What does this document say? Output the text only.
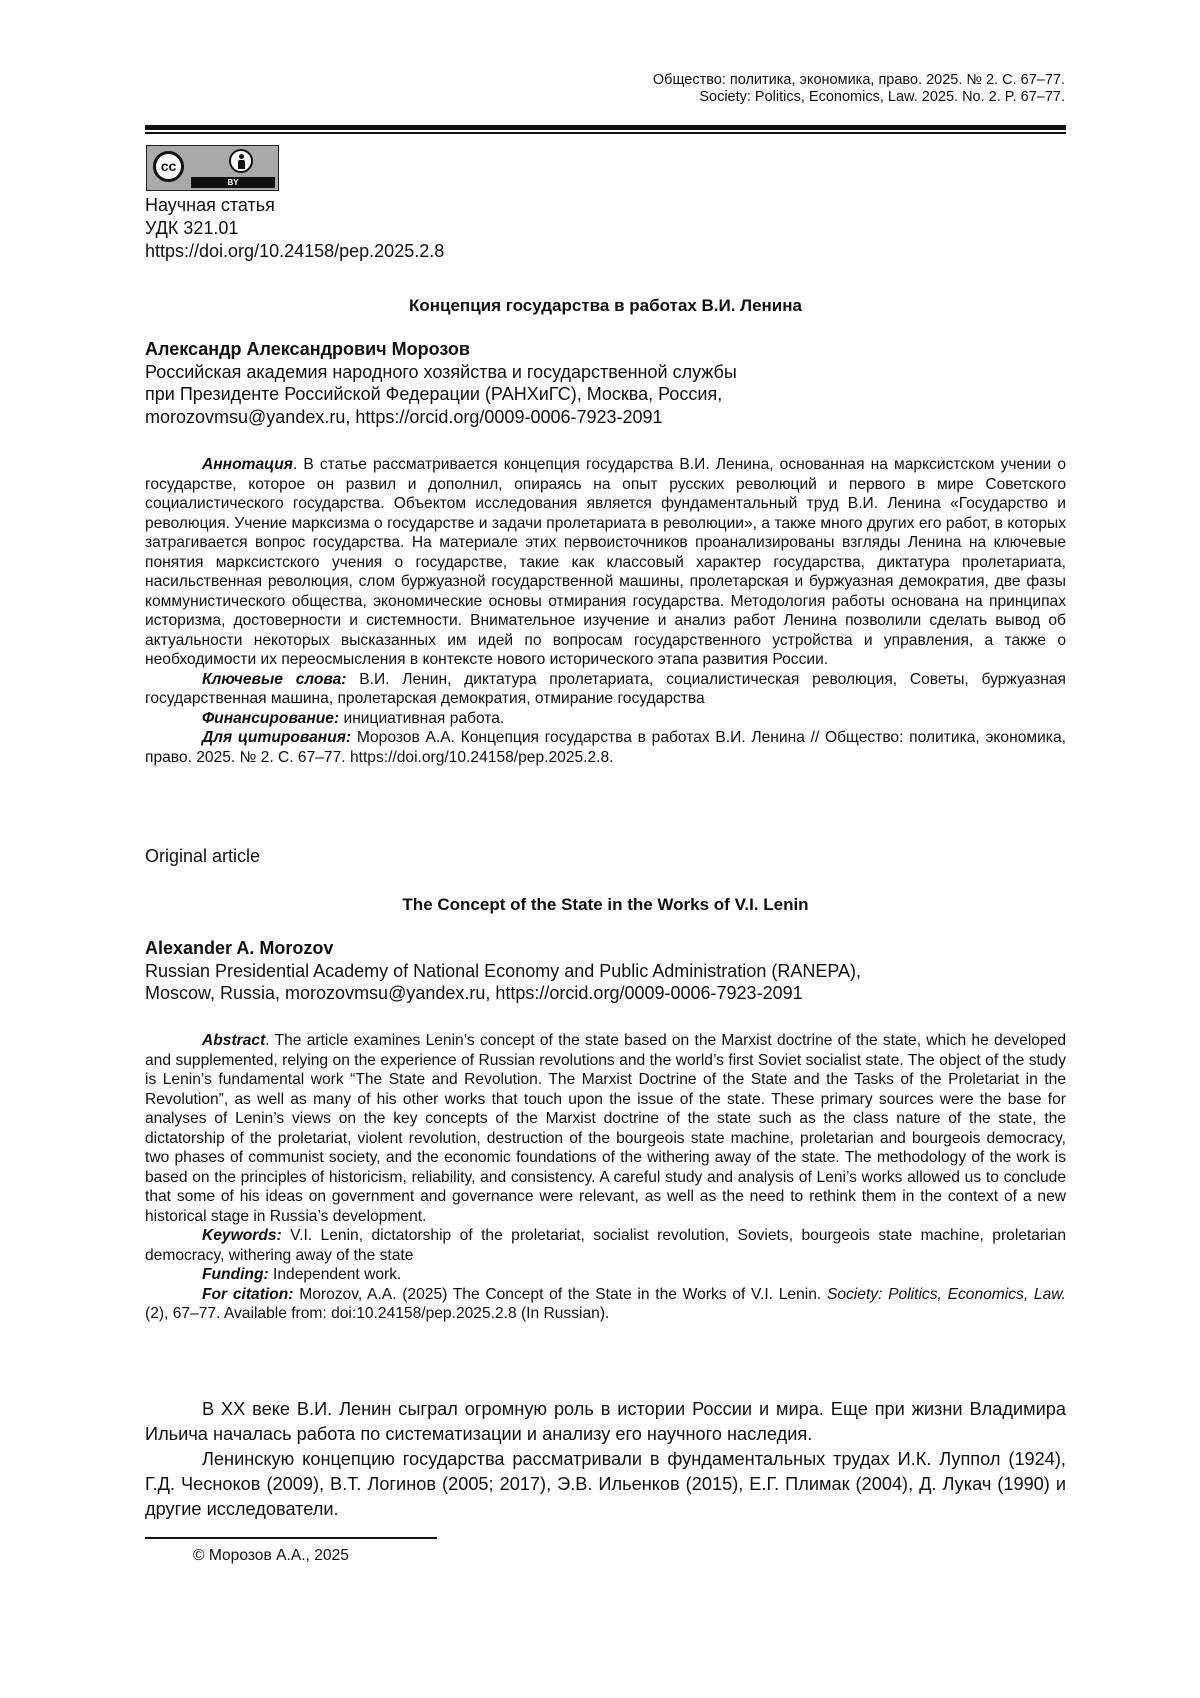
Общество: политика, экономика, право. 2025. № 2. С. 67–77.
Society: Politics, Economics, Law. 2025. No. 2. P. 67–77.
cc
BY
Научная статья
УДК 321.01
https://doi.org/10.24158/pep.2025.2.8
Концепция государства в работах В.И. Ленина
Александр Александрович Морозов
Российская академия народного хозяйства и государственной службы
при Президенте Российской Федерации (РАНХиГС), Москва, Россия,
morozovmsu@yandex.ru, https://orcid.org/0009-0006-7923-2091

Аннотация. В статье рассматривается концепция государства В.И. Ленина, основанная на марксистском учении о государстве, которое он развил и дополнил, опираясь на опыт русских революций и первого в мире Советского социалистического государства. Объектом исследования является фундаментальный труд В.И. Ленина «Государство и революция. Учение марксизма о государстве и задачи пролетариата в революции», а также много других его работ, в которых затрагивается вопрос государства. На материале этих первоисточников проанализированы взгляды Ленина на ключевые понятия марксистского учения о государстве, такие как классовый характер государства, диктатура пролетариата, насильственная революция, слом буржуазной государственной машины, пролетарская и буржуазная демократия, две фазы коммунистического общества, экономические основы отмирания государства. Методология работы основана на принципах историзма, достоверности и системности. Внимательное изучение и анализ работ Ленина позволили сделать вывод об актуальности некоторых высказанных им идей по вопросам государственного устройства и управления, а также о необходимости их переосмысления в контексте нового исторического этапа развития России.

Ключевые слова: В.И. Ленин, диктатура пролетариата, социалистическая революция, Советы, буржуазная государственная машина, пролетарская демократия, отмирание государства

Финансирование: инициативная работа.

Для цитирования: Морозов А.А. Концепция государства в работах В.И. Ленина // Общество: политика, экономика, право. 2025. № 2. С. 67–77. https://doi.org/10.24158/pep.2025.2.8.

Original article
The Concept of the State in the Works of V.I. Lenin
Alexander A. Morozov
Russian Presidential Academy of National Economy and Public Administration (RANEPA),
Moscow, Russia, morozovmsu@yandex.ru, https://orcid.org/0009-0006-7923-2091

Abstract. The article examines Lenin’s concept of the state based on the Marxist doctrine of the state, which he developed and supplemented, relying on the experience of Russian revolutions and the world’s first Soviet socialist state. The object of the study is Lenin’s fundamental work “The State and Revolution. The Marxist Doctrine of the State and the Tasks of the Proletariat in the Revolution”, as well as many of his other works that touch upon the issue of the state. These primary sources were the base for analyses of Lenin’s views on the key concepts of the Marxist doctrine of the state such as the class nature of the state, the dictatorship of the proletariat, violent revolution, destruction of the bourgeois state machine, proletarian and bourgeois democracy, two phases of communist society, and the economic foundations of the withering away of the state. The methodology of the work is based on the principles of historicism, reliability, and consistency. A careful study and analysis of Leni’s works allowed us to conclude that some of his ideas on government and governance were relevant, as well as the need to rethink them in the context of a new historical stage in Russia’s development.

Keywords: V.I. Lenin, dictatorship of the proletariat, socialist revolution, Soviets, bourgeois state machine, proletarian democracy, withering away of the state

Funding: Independent work.

For citation: Morozov, A.A. (2025) The Concept of the State in the Works of V.I. Lenin. Society: Politics, Economics, Law. (2), 67–77. Available from: doi:10.24158/pep.2025.2.8 (In Russian).

В XX веке В.И. Ленин сыграл огромную роль в истории России и мира. Еще при жизни Владимира Ильича началась работа по систематизации и анализу его научного наследия.

Ленинскую концепцию государства рассматривали в фундаментальных трудах И.К. Луппол (1924), Г.Д. Чесноков (2009), В.Т. Логинов (2005; 2017), Э.В. Ильенков (2015), Е.Г. Плимак (2004), Д. Лукач (1990) и другие исследователи.

© Морозов А.А., 2025
